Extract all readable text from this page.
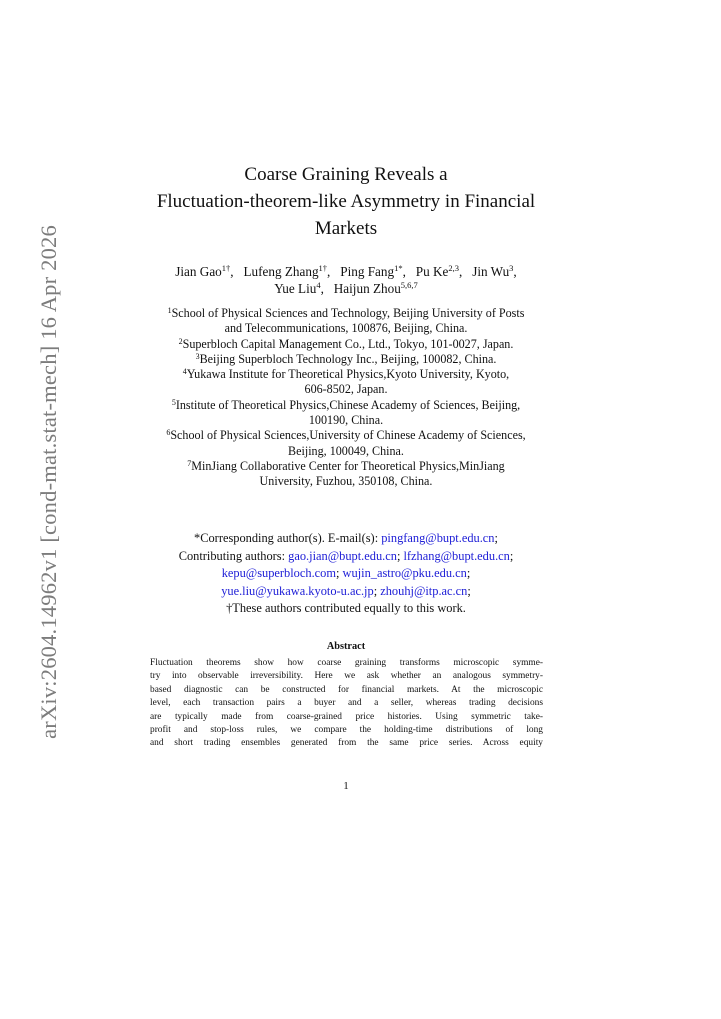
arXiv:2604.14962v1 [cond-mat.stat-mech] 16 Apr 2026
Coarse Graining Reveals a
Fluctuation-theorem-like Asymmetry in Financial
Markets
Jian Gao$^{1\dagger}$,   Lufeng Zhang$^{1\dagger}$,   Ping Fang$^{1*}$,   Pu Ke$^{2,3}$,   Jin Wu$^3$,
Yue Liu$^4$,   Haijun Zhou$^{5,6,7}$
$^1$School of Physical Sciences and Technology, Beijing University of Posts
and Telecommunications, 100876, Beijing, China.
$^2$Superbloch Capital Management Co., Ltd., Tokyo, 101-0027, Japan.
$^3$Beijing Superbloch Technology Inc., Beijing, 100082, China.
$^4$Yukawa Institute for Theoretical Physics,Kyoto University, Kyoto,
606-8502, Japan.
$^5$Institute of Theoretical Physics,Chinese Academy of Sciences, Beijing,
100190, China.
$^6$School of Physical Sciences,University of Chinese Academy of Sciences,
Beijing, 100049, China.
$^7$MinJiang Collaborative Center for Theoretical Physics,MinJiang
University, Fuzhou, 350108, China.
*Corresponding author(s). E-mail(s): pingfang@bupt.edu.cn;
Contributing authors: gao.jian@bupt.edu.cn; lfzhang@bupt.edu.cn;
kepu@superbloch.com; wujin_astro@pku.edu.cn;
yue.liu@yukawa.kyoto-u.ac.jp; zhouhj@itp.ac.cn;
†These authors contributed equally to this work.
Abstract
Fluctuation theorems show how coarse graining transforms microscopic symme-
try into observable irreversibility. Here we ask whether an analogous symmetry-
based diagnostic can be constructed for financial markets. At the microscopic
level, each transaction pairs a buyer and a seller, whereas trading decisions
are typically made from coarse-grained price histories. Using symmetric take-
profit and stop-loss rules, we compare the holding-time distributions of long
and short trading ensembles generated from the same price series. Across equity
1
